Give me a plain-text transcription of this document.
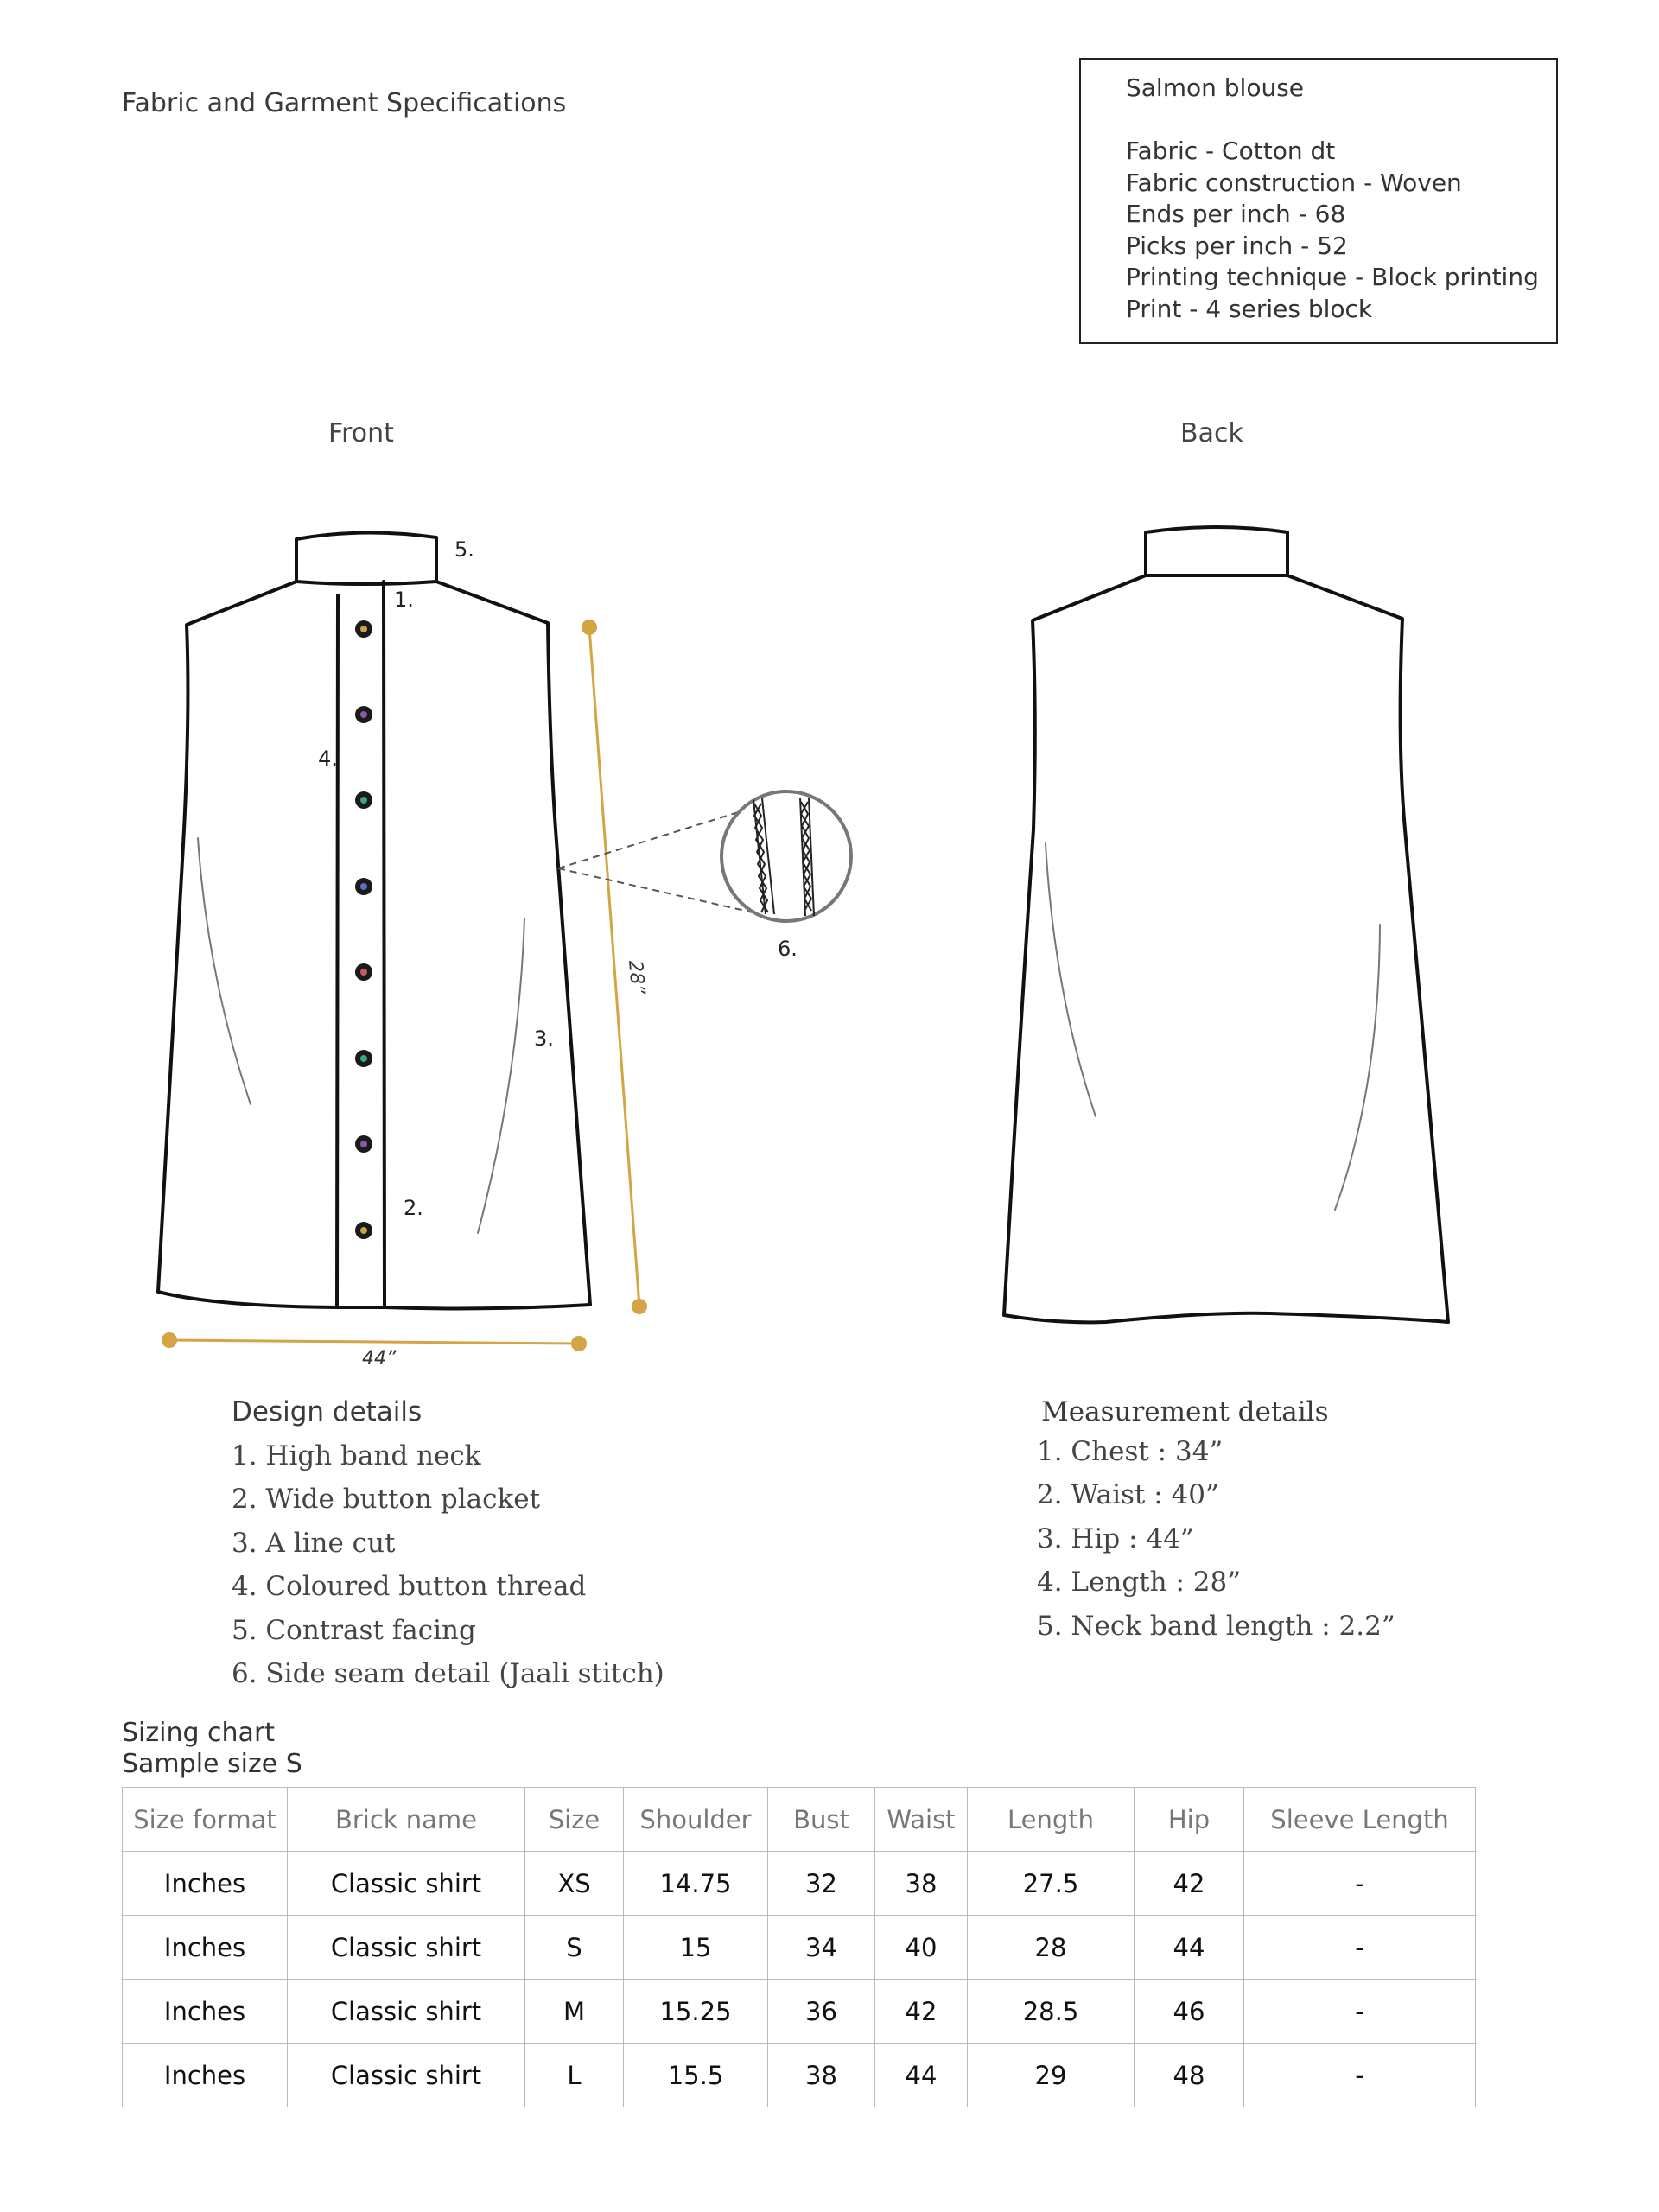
Fabric and Garment Specifications
Salmon blouse
Fabric - Cotton dt
Fabric construction - Woven
Ends per inch - 68
Picks per inch - 52
Printing technique - Block printing
Print - 4 series block
Front	Back
5.
1.
4.
3.
2.
6.
28”
44”
Design details
1. High band neck
2. Wide button placket
3. A line cut
4. Coloured button thread
5. Contrast facing
6. Side seam detail (Jaali stitch)
Measurement details
1. Chest : 34”
2. Waist : 40”
3. Hip : 44”
4. Length : 28”
5. Neck band length : 2.2”
Sizing chart
Sample size S
Size format	Brick name	Size	Shoulder	Bust	Waist	Length	Hip	Sleeve Length
Inches	Classic shirt	XS	14.75	32	38	27.5	42	-
Inches	Classic shirt	S	15	34	40	28	44	-
Inches	Classic shirt	M	15.25	36	42	28.5	46	-
Inches	Classic shirt	L	15.5	38	44	29	48	-
